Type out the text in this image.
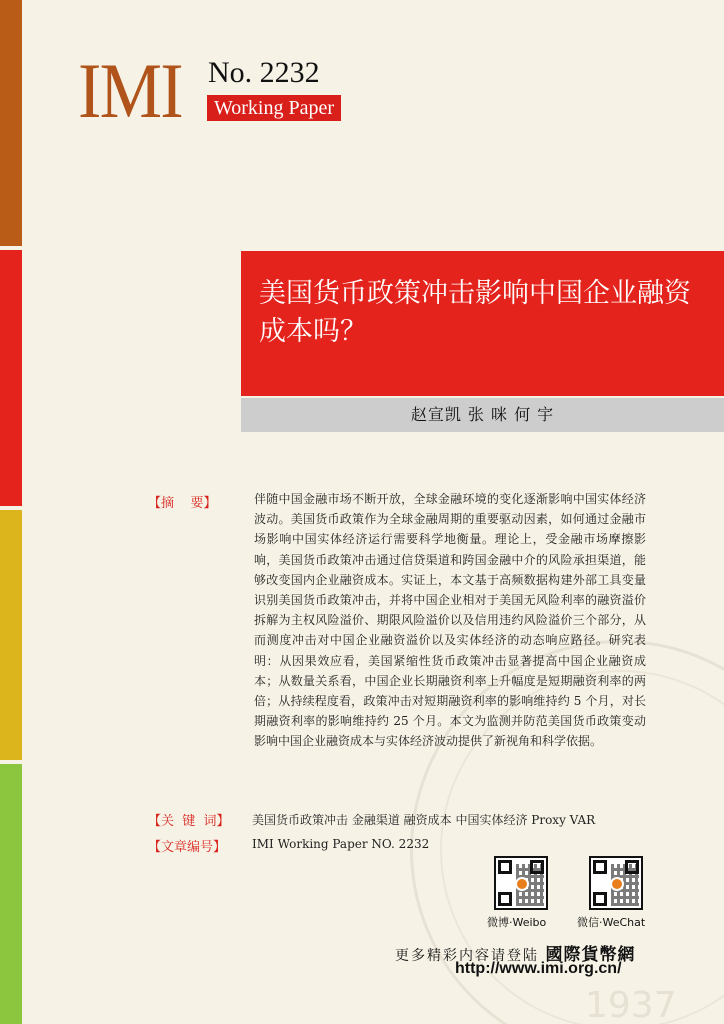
1937
IMI No. 2232
Working Paper
美国货币政策冲击影响中国企业融资成本吗？
赵宣凯 张 咪 何 宇
【摘    要】	伴随中国金融市场不断开放，全球金融环境的变化逐渐影响中国实体经济波动。美国货币政策作为全球金融周期的重要驱动因素，如何通过金融市场影响中国实体经济运行需要科学地衡量。理论上，受金融市场摩擦影响，美国货币政策冲击通过信贷渠道和跨国金融中介的风险承担渠道，能够改变国内企业融资成本。实证上，本文基于高频数据构建外部工具变量识别美国货币政策冲击，并将中国企业相对于美国无风险利率的融资溢价拆解为主权风险溢价、期限风险溢价以及信用违约风险溢价三个部分，从而测度冲击对中国企业融资溢价以及实体经济的动态响应路径。研究表明：从因果效应看，美国紧缩性货币政策冲击显著提高中国企业融资成本；从数量关系看，中国企业长期融资利率上升幅度是短期融资利率的两倍；从持续程度看，政策冲击对短期融资利率的影响维持约 5 个月，对长期融资利率的影响维持约 25 个月。本文为监测并防范美国货币政策变动影响中国企业融资成本与实体经济波动提供了新视角和科学依据。
【关  键  词】 美国货币政策冲击 金融渠道 融资成本 中国实体经济 Proxy VAR
【文章编号】 IMI Working Paper NO. 2232
微博·Weibo	微信·WeChat
更多精彩内容请登陆 國際貨幣網
http://www.imi.org.cn/
